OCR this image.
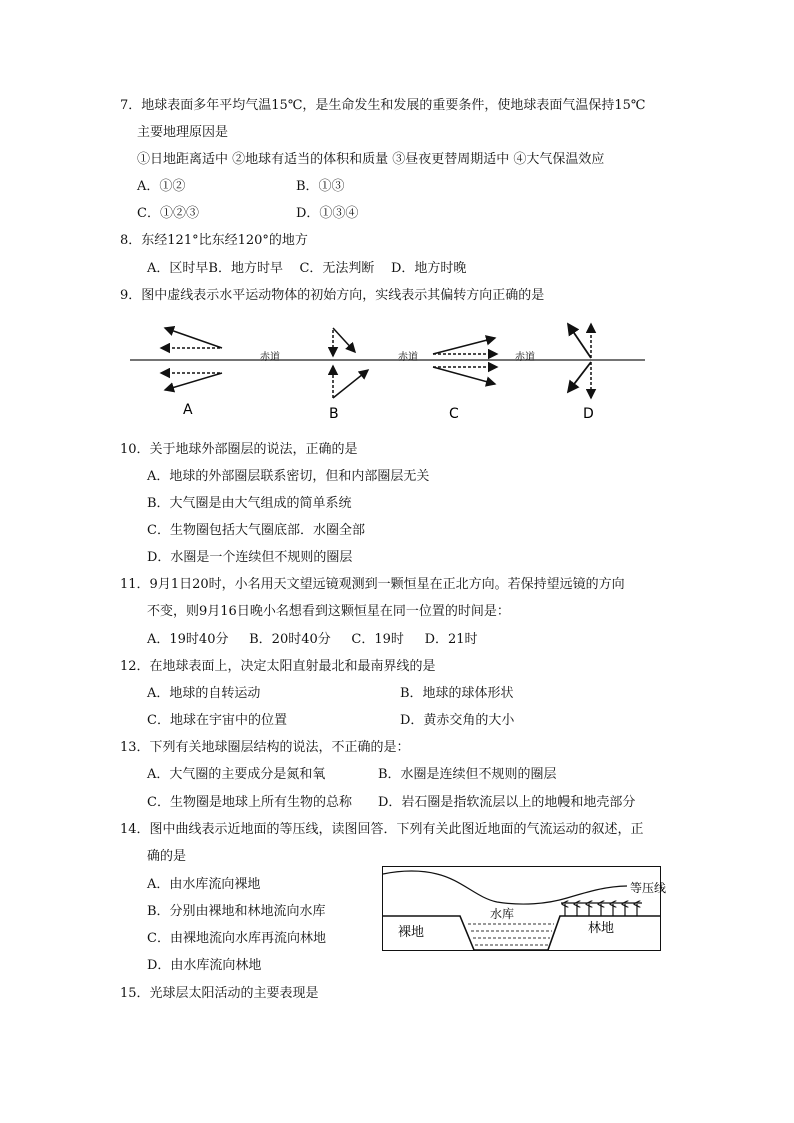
7．地球表面多年平均气温15℃，是生命发生和发展的重要条件，使地球表面气温保持15℃
主要地理原因是
①日地距离适中 ②地球有适当的体积和质量 ③昼夜更替周期适中 ④大气保温效应
A．①②	B．①③
C．①②③	D．①③④
8．东经121°比东经120°的地方
A．区时早B．地方时早    C．无法判断    D．地方时晚
9．图中虚线表示水平运动物体的初始方向，实线表示其偏转方向正确的是
赤道	赤道	赤道
A	B	C	D
10．关于地球外部圈层的说法，正确的是
A．地球的外部圈层联系密切，但和内部圈层无关
B．大气圈是由大气组成的简单系统
C．生物圈包括大气圈底部．水圈全部
D．水圈是一个连续但不规则的圈层
11．9月1日20时，小名用天文望远镜观测到一颗恒星在正北方向。若保持望远镜的方向
不变，则9月16日晚小名想看到这颗恒星在同一位置的时间是：
A．19时40分     B．20时40分     C．19时     D．21时
12．在地球表面上，决定太阳直射最北和最南界线的是
A．地球的自转运动	B．地球的球体形状
C．地球在宇宙中的位置	D．黄赤交角的大小
13．下列有关地球圈层结构的说法，不正确的是：
A．大气圈的主要成分是氮和氧	B．水圈是连续但不规则的圈层
C．生物圈是地球上所有生物的总称 D．岩石圈是指软流层以上的地幔和地壳部分
14．图中曲线表示近地面的等压线，读图回答．下列有关此图近地面的气流运动的叙述，正
确的是
A．由水库流向裸地
B．分别由裸地和林地流向水库
C．由裸地流向水库再流向林地
D．由水库流向林地
等压线
水库
裸地	林地
15．光球层太阳活动的主要表现是
